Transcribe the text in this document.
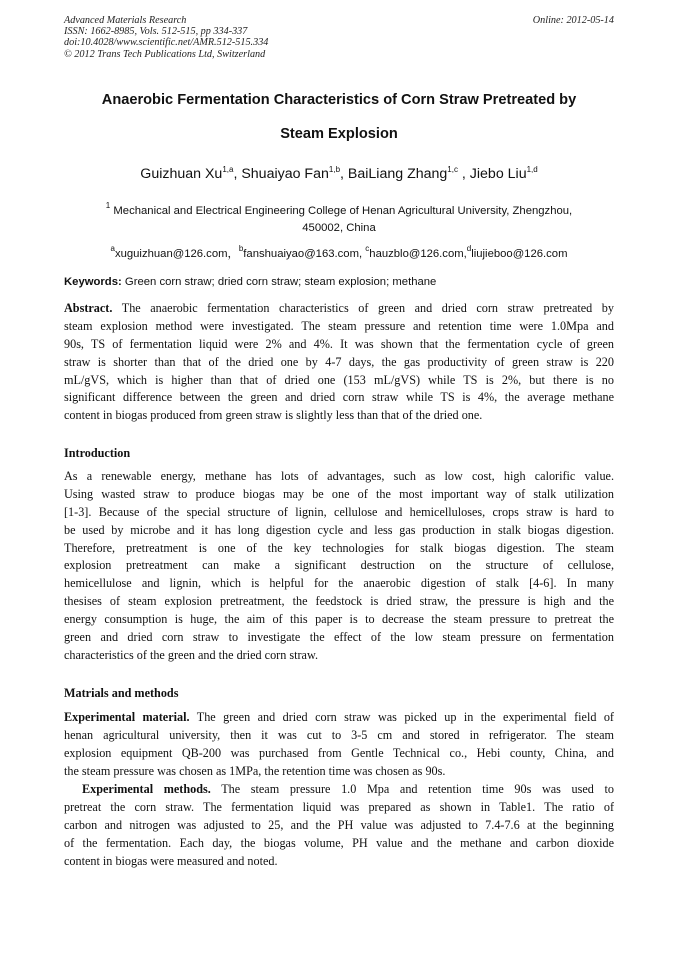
Advanced Materials Research
ISSN: 1662-8985, Vols. 512-515, pp 334-337
doi:10.4028/www.scientific.net/AMR.512-515.334
© 2012 Trans Tech Publications Ltd, Switzerland
Online: 2012-05-14
Anaerobic Fermentation Characteristics of Corn Straw Pretreated by
Steam Explosion
Guizhuan Xu$^{1,a}$, Shuaiyao Fan$^{1,b}$, BaiLiang Zhang$^{1,c}$ , Jiebo Liu$^{1,d}$
$^1$ Mechanical and Electrical Engineering College of Henan Agricultural University, Zhengzhou,
450002, China
$^a$xuguizhuan@126.com，$^b$fanshuaiyao@163.com, $^c$hauzblo@126.com,$^d$liujieboo@126.com
Keywords: Green corn straw; dried corn straw; steam explosion; methane
Abstract. The anaerobic fermentation characteristics of green and dried corn straw pretreated by
steam explosion method were investigated. The steam pressure and retention time were 1.0Mpa and
90s, TS of fermentation liquid were 2% and 4%. It was shown that the fermentation cycle of green
straw is shorter than that of the dried one by 4-7 days, the gas productivity of green straw is 220
mL/gVS, which is higher than that of dried one (153 mL/gVS) while TS is 2%, but there is no
significant difference between the green and dried corn straw while TS is 4%, the average methane
content in biogas produced from green straw is slightly less than that of the dried one.
Introduction
As a renewable energy, methane has lots of advantages, such as low cost, high calorific value.
Using wasted straw to produce biogas may be one of the most important way of stalk utilization
[1-3]. Because of the special structure of lignin, cellulose and hemicelluloses, crops straw is hard to
be used by microbe and it has long digestion cycle and less gas production in stalk biogas digestion.
Therefore, pretreatment is one of the key technologies for stalk biogas digestion. The steam
explosion pretreatment can make a significant destruction on the structure of cellulose,
hemicellulose and lignin, which is helpful for the anaerobic digestion of stalk [4-6]. In many
thesises of steam explosion pretreatment, the feedstock is dried straw, the pressure is high and the
energy consumption is huge, the aim of this paper is to decrease the steam pressure to pretreat the
green and dried corn straw to investigate the effect of the low steam pressure on fermentation
characteristics of the green and the dried corn straw.
Matrials and methods
Experimental material. The green and dried corn straw was picked up in the experimental field of
henan agricultural university, then it was cut to 3-5 cm and stored in refrigerator. The steam
explosion equipment QB-200 was purchased from Gentle Technical co., Hebi county, China, and
the steam pressure was chosen as 1MPa, the retention time was chosen as 90s.
Experimental methods. The steam pressure 1.0 Mpa and retention time 90s was used to
pretreat the corn straw. The fermentation liquid was prepared as shown in Table1. The ratio of
carbon and nitrogen was adjusted to 25, and the PH value was adjusted to 7.4-7.6 at the beginning
of the fermentation. Each day, the biogas volume, PH value and the methane and carbon dioxide
content in biogas were measured and noted.
